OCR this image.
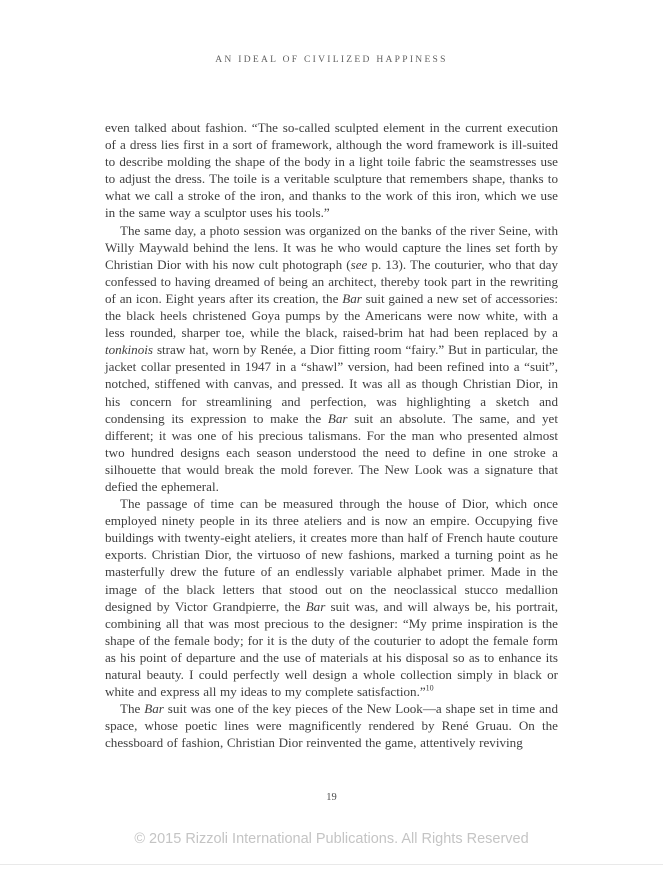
AN IDEAL OF CIVILIZED HAPPINESS

even talked about fashion. “The so-called sculpted element in the current execution of a dress lies first in a sort of framework, although the word framework is ill-suited to describe molding the shape of the body in a light toile fabric the seamstresses use to adjust the dress. The toile is a veritable sculpture that remembers shape, thanks to what we call a stroke of the iron, and thanks to the work of this iron, which we use in the same way a sculptor uses his tools.”

The same day, a photo session was organized on the banks of the river Seine, with Willy Maywald behind the lens. It was he who would capture the lines set forth by Christian Dior with his now cult photograph (see p. 13). The couturier, who that day confessed to having dreamed of being an architect, thereby took part in the rewriting of an icon. Eight years after its creation, the Bar suit gained a new set of accessories: the black heels christened Goya pumps by the Americans were now white, with a less rounded, sharper toe, while the black, raised-brim hat had been replaced by a tonkinois straw hat, worn by Renée, a Dior fitting room “fairy.” But in particular, the jacket collar presented in 1947 in a “shawl” version, had been refined into a “suit”, notched, stiffened with canvas, and pressed. It was all as though Christian Dior, in his concern for streamlining and perfection, was highlighting a sketch and condensing its expression to make the Bar suit an absolute. The same, and yet different; it was one of his precious talismans. For the man who presented almost two hundred designs each season understood the need to define in one stroke a silhouette that would break the mold forever. The New Look was a signature that defied the ephemeral.

The passage of time can be measured through the house of Dior, which once employed ninety people in its three ateliers and is now an empire. Occupying five buildings with twenty-eight ateliers, it creates more than half of French haute couture exports. Christian Dior, the virtuoso of new fashions, marked a turning point as he masterfully drew the future of an endlessly variable alphabet primer. Made in the image of the black letters that stood out on the neoclassical stucco medallion designed by Victor Grandpierre, the Bar suit was, and will always be, his portrait, combining all that was most precious to the designer: “My prime inspiration is the shape of the female body; for it is the duty of the couturier to adopt the female form as his point of departure and the use of materials at his disposal so as to enhance its natural beauty. I could perfectly well design a whole collection simply in black or white and express all my ideas to my complete satisfaction.”$^{10}$

The Bar suit was one of the key pieces of the New Look—a shape set in time and space, whose poetic lines were magnificently rendered by René Gruau. On the chessboard of fashion, Christian Dior reinvented the game, attentively reviving

19
© 2015 Rizzoli International Publications. All Rights Reserved
